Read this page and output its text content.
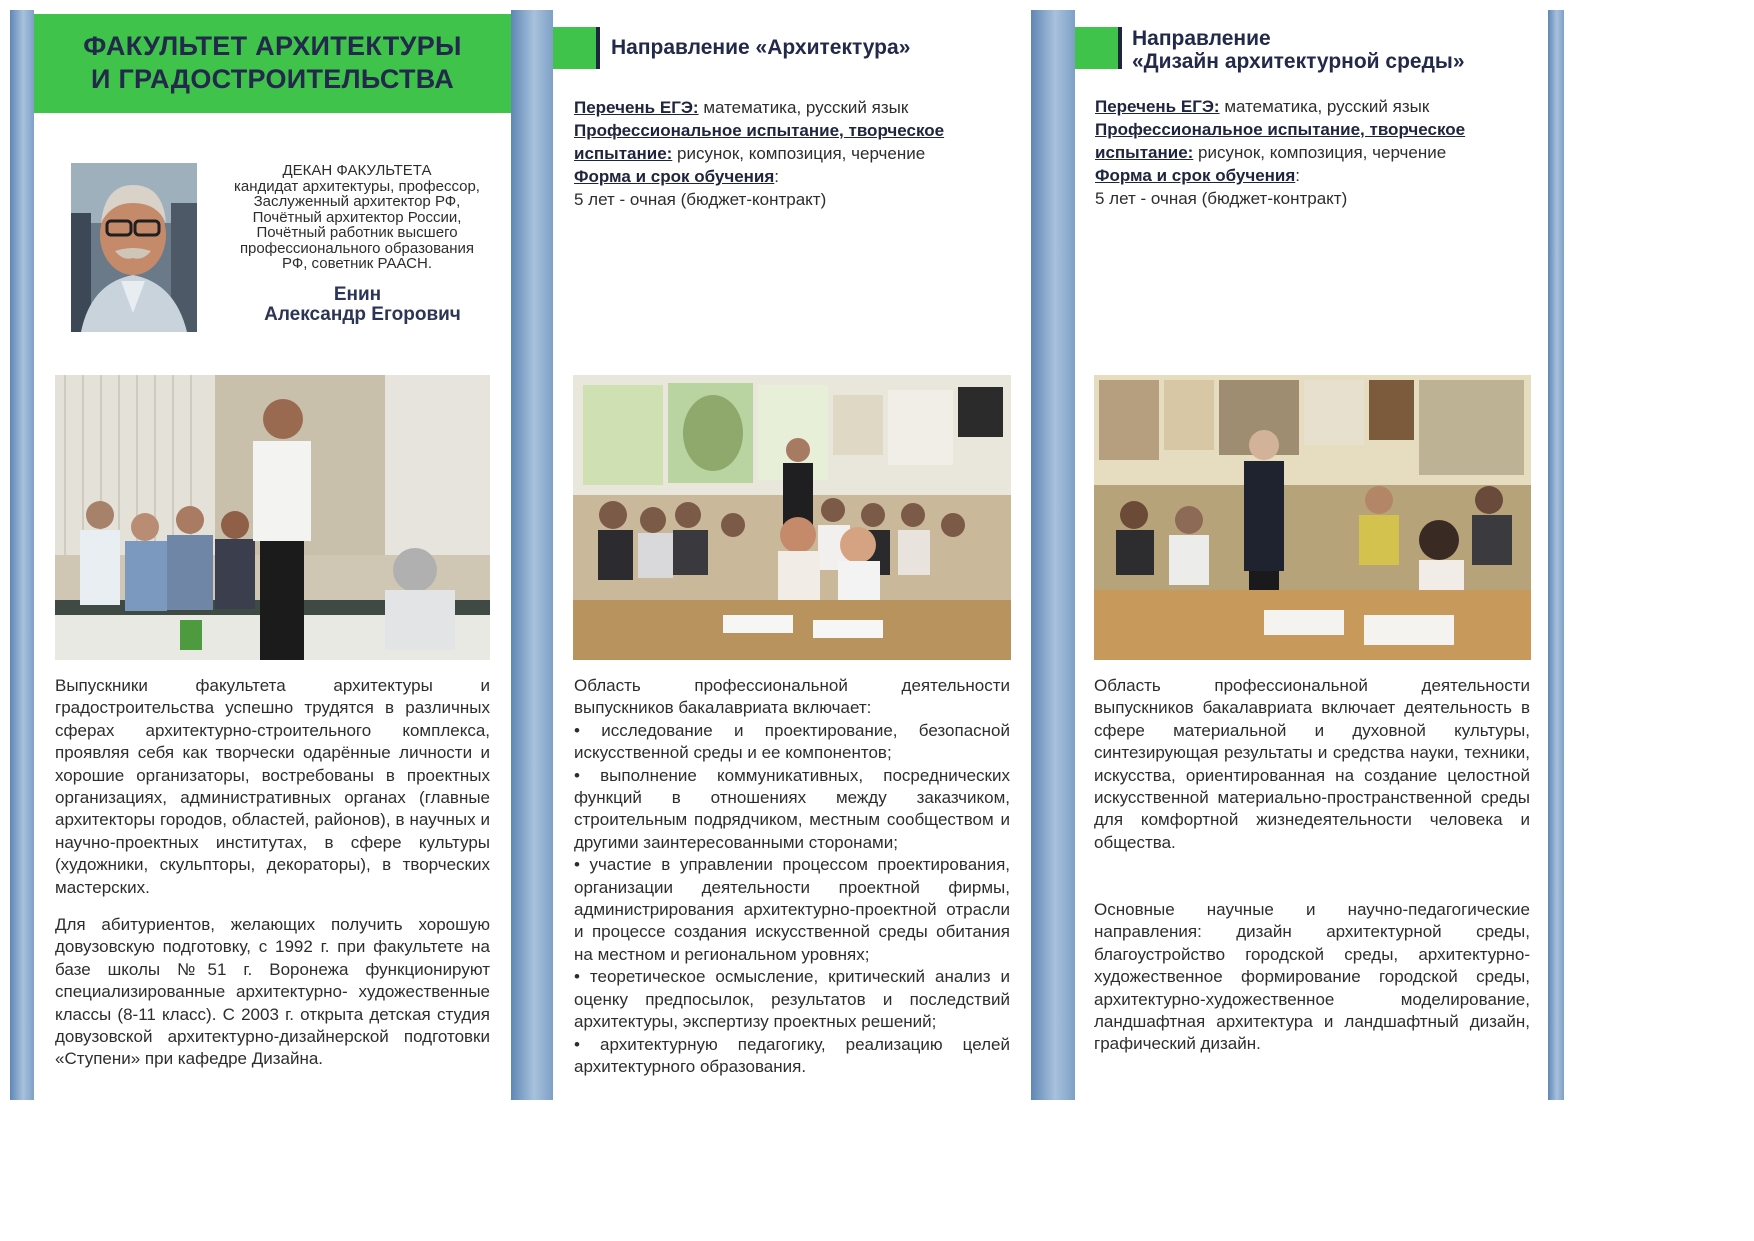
ФАКУЛЬТЕТ АРХИТЕКТУРЫ
И ГРАДОСТРОИТЕЛЬСТВА
ДЕКАН ФАКУЛЬТЕТА
кандидат архитектуры, профессор,
Заслуженный архитектор РФ,
Почётный архитектор России,
Почётный работник высшего
профессионального образования
РФ, советник РААСН.
Енин
Александр Егорович
Выпускники факультета архитектуры и градостроительства успешно трудятся в различных сферах архитектурно-строительного комплекса, проявляя себя как творчески одарённые личности и хорошие организаторы, востребованы в проектных организациях, административных органах (главные архитекторы городов, областей, районов), в научных и научно-проектных институтах, в сфере культуры (художники, скульпторы, декораторы), в творческих мастерских.
Для абитуриентов, желающих получить хорошую довузовскую подготовку, с 1992 г. при факультете на базе школы №51 г. Воронежа функционируют специализированные архитектурно- художественные классы (8-11 класс). С 2003 г. открыта детская студия довузовской архитектурно-дизайнерской подготовки «Ступени» при кафедре Дизайна.
Направление «Архитектура»

Перечень ЕГЭ: математика, русский язык

Профессиональное испытание, творческое

испытание: рисунок, композиция, черчение

Форма и срок обучения:

5 лет - очная (бюджет-контракт)

Область профессиональной деятельности выпускников бакалавриата включает:

• исследование и проектирование, безопасной искусственной среды и ее компонентов;

• выполнение коммуникативных, посреднических функций в отношениях между заказчиком, строительным подрядчиком, местным сообществом и другими заинтересованными сторонами;

• участие в управлении процессом проектирования, организации деятельности проектной фирмы, администрирования архитектурно-проектной отрасли и процессе создания искусственной среды обитания на местном и региональном уровнях;

• теоретическое осмысление, критический анализ и оценку предпосылок, результатов и последствий архитектуры, экспертизу проектных решений;

• архитектурную педагогику, реализацию целей архитектурного образования.

Направление
«Дизайн архитектурной среды»

Перечень ЕГЭ: математика, русский язык

Профессиональное испытание, творческое

испытание: рисунок, композиция, черчение

Форма и срок обучения:

5 лет - очная (бюджет-контракт)

Область профессиональной деятельности выпускников бакалавриата включает деятельность в сфере материальной и духовной культуры, синтезирующая результаты и средства науки, техники, искусства, ориентированная на создание целостной искусственной материально-пространственной среды для комфортной жизнедеятельности человека и общества.
Основные научные и научно-педагогические направления: дизайн архитектурной среды, благоустройство городской среды, архитектурно-художественное формирование городской среды, архитектурно-художественное моделирование, ландшафтная архитектура и ландшафтный дизайн, графический дизайн.
